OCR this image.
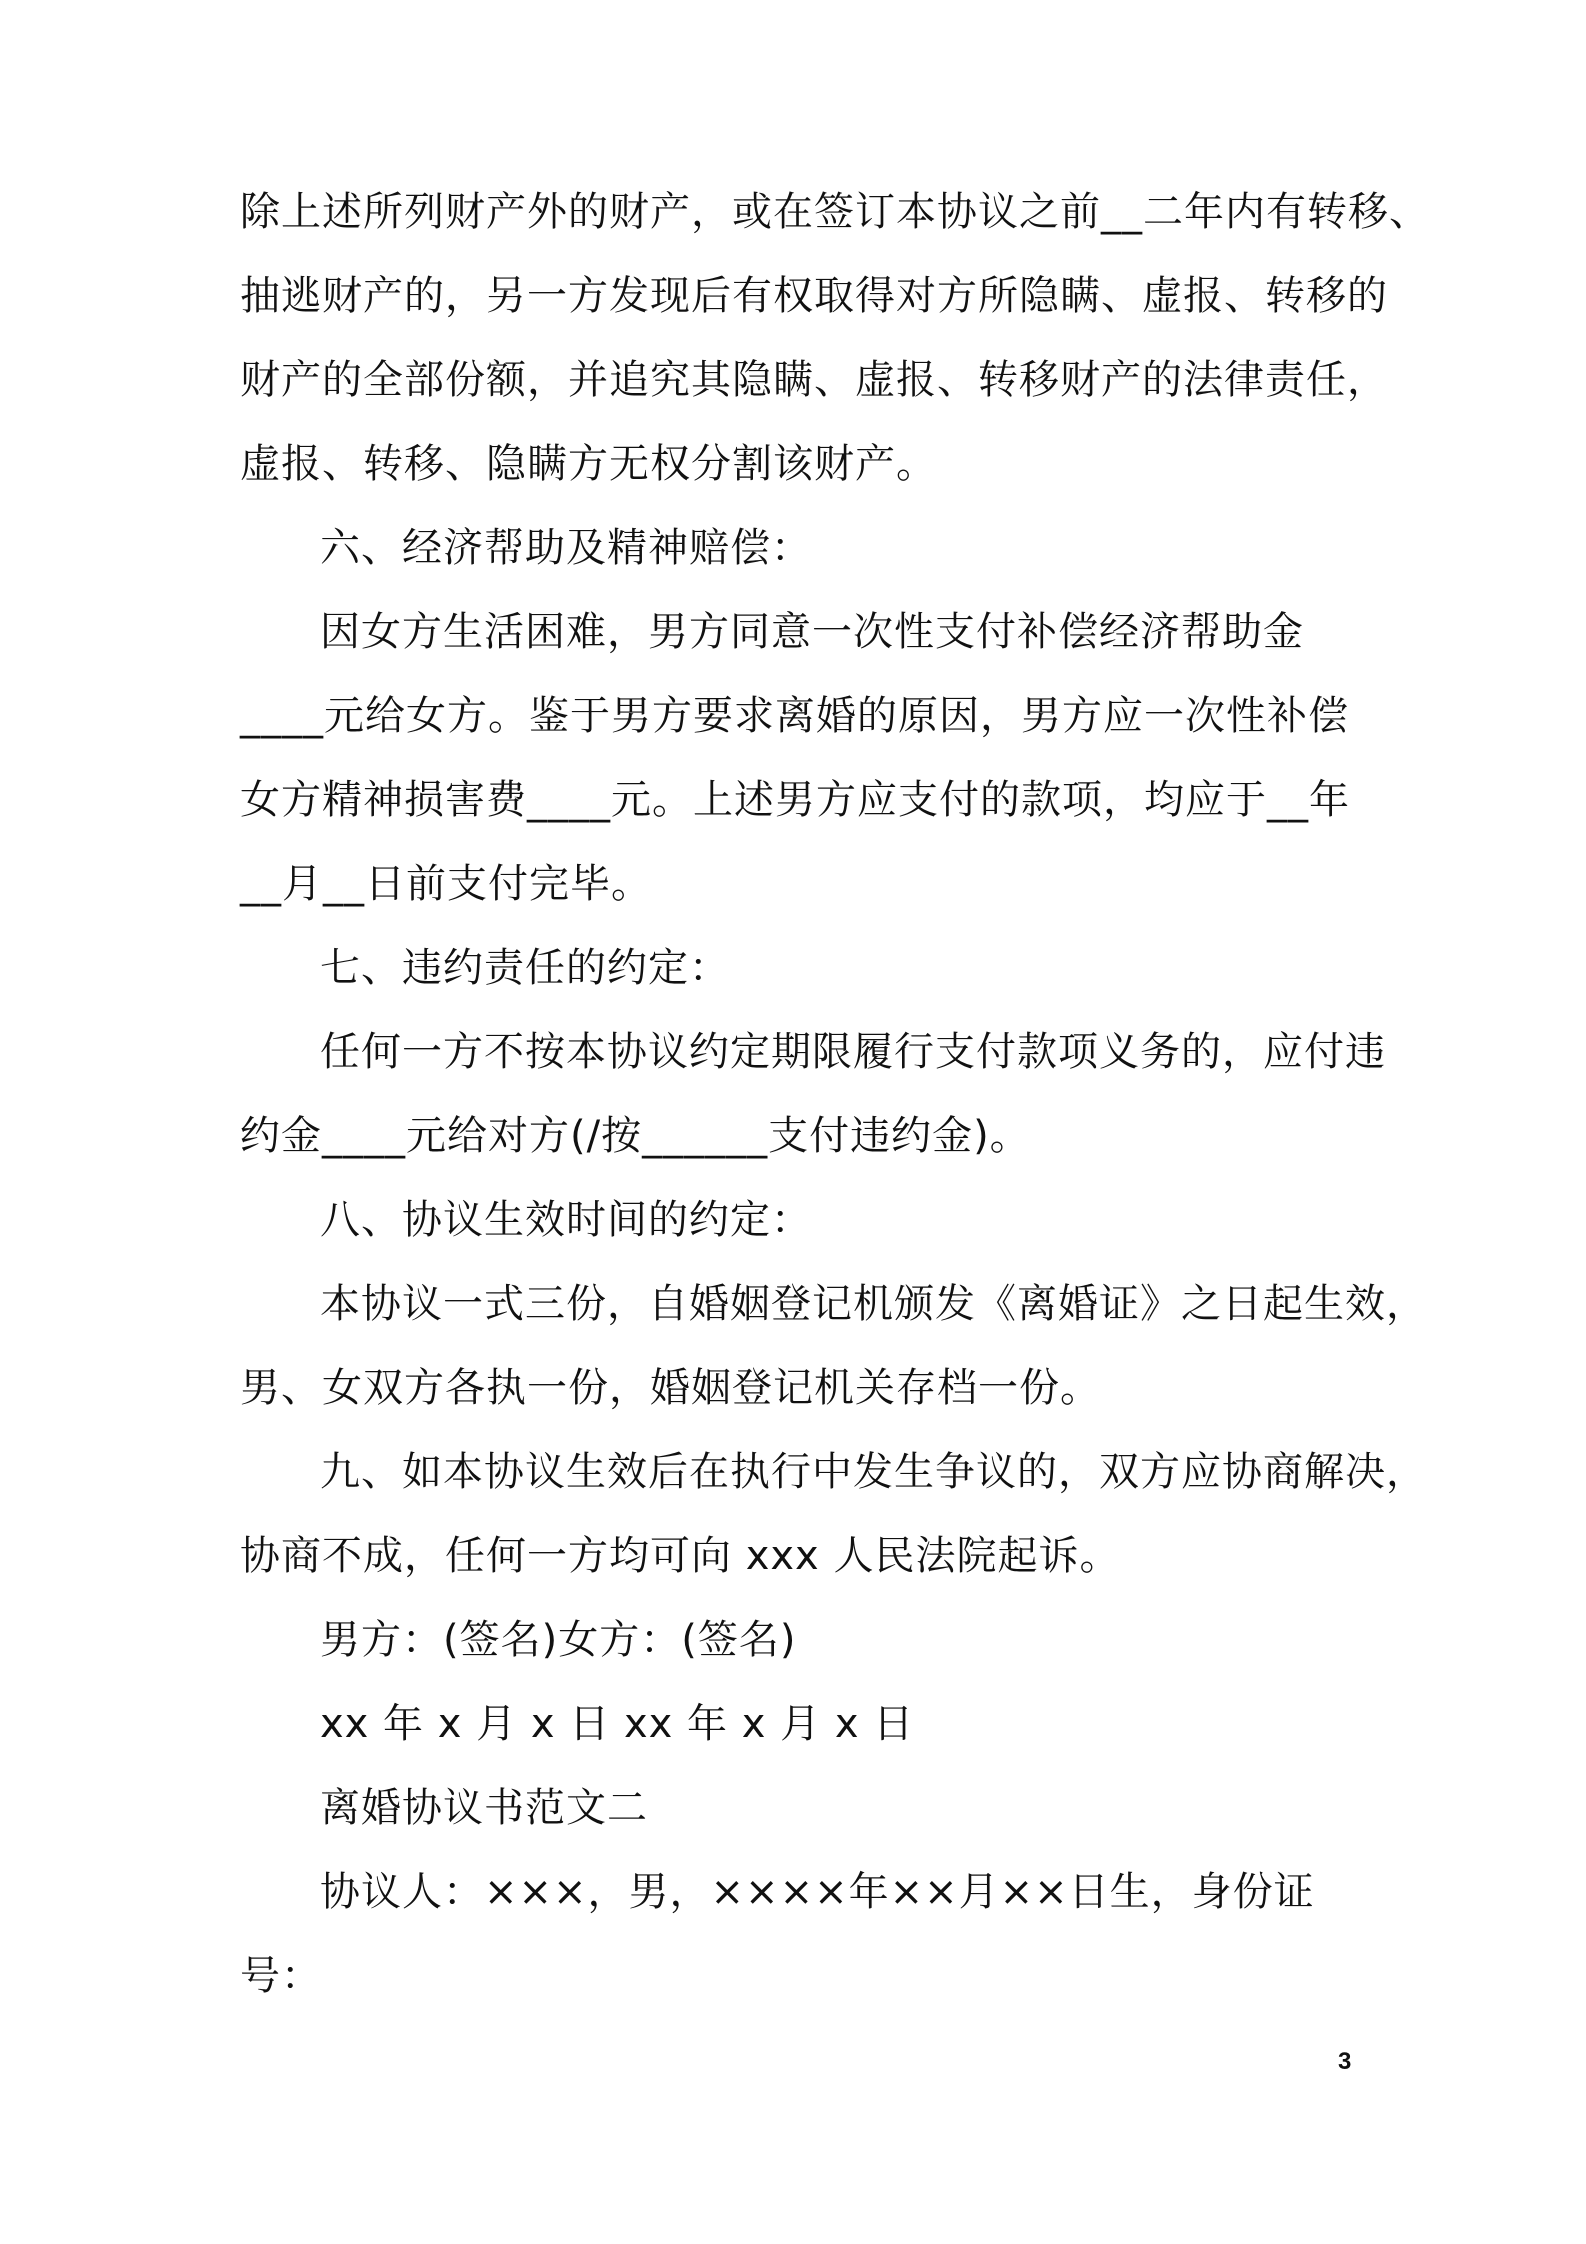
除上述所列财产外的财产，或在签订本协议之前__二年内有转移、
抽逃财产的，另一方发现后有权取得对方所隐瞒、虚报、转移的
财产的全部份额，并追究其隐瞒、虚报、转移财产的法律责任，
虚报、转移、隐瞒方无权分割该财产。
六、经济帮助及精神赔偿：
因女方生活困难，男方同意一次性支付补偿经济帮助金
____元给女方。鉴于男方要求离婚的原因，男方应一次性补偿
女方精神损害费____元。上述男方应支付的款项，均应于__年
__月__日前支付完毕。
七、违约责任的约定：
任何一方不按本协议约定期限履行支付款项义务的，应付违
约金____元给对方(/按______支付违约金)。
八、协议生效时间的约定：
本协议一式三份，自婚姻登记机颁发《离婚证》之日起生效，
男、女双方各执一份，婚姻登记机关存档一份。
九、如本协议生效后在执行中发生争议的，双方应协商解决，
协商不成，任何一方均可向 xxx 人民法院起诉。
男方：(签名)女方：(签名)
xx 年 x 月 x 日 xx 年 x 月 x 日
离婚协议书范文二
协议人：×××，男，××××年××月××日生，身份证
号：
3
